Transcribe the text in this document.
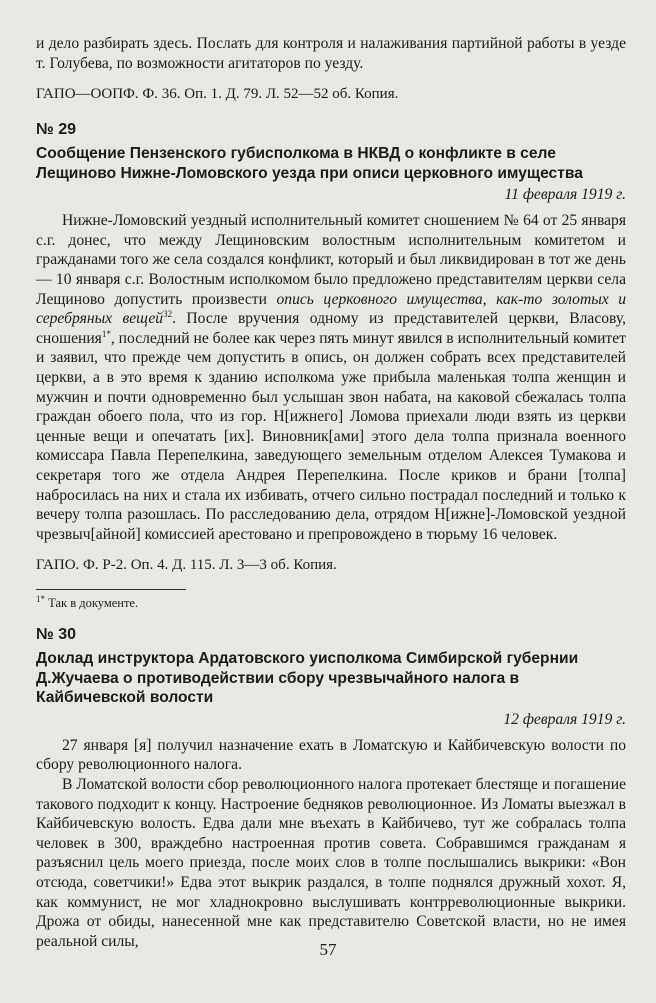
и дело разбирать здесь. Послать для контроля и налаживания партийной работы в уезде т. Голубева, по возможности агитаторов по уезду.

ГАПО—ООПФ. Ф. 36. Оп. 1. Д. 79. Л. 52—52 об. Копия.

№ 29

Сообщение Пензенского губисполкома в НКВД о конфликте в селе Лещиново Нижне-Ломовского уезда при описи церковного имущества

11 февраля 1919 г.

Нижне-Ломовский уездный исполнительный комитет сношением № 64 от 25 января с.г. донес, что между Лещиновским волостным исполнительным комитетом и гражданами того же села создался конфликт, который и был ликвидирован в тот же день — 10 января с.г. Волостным исполкомом было предложено представителям церкви села Лещиново допустить произвести опись церковного имущества, как-то золотых и серебряных вещей$^{32}$. После вручения одному из представителей церкви, Власову, сношения$^{1*}$, последний не более как через пять минут явился в исполнительный комитет и заявил, что прежде чем допустить в опись, он должен собрать всех представителей церкви, а в это время к зданию исполкома уже прибыла маленькая толпа женщин и мужчин и почти одновременно был услышан звон набата, на каковой сбежалась толпа граждан обоего пола, что из гор. Н[ижнего] Ломова приехали люди взять из церкви ценные вещи и опечатать [их]. Виновник[ами] этого дела толпа признала военного комиссара Павла Перепелкина, заведующего земельным отделом Алексея Тумакова и секретаря того же отдела Андрея Перепелкина. После криков и брани [толпа] набросилась на них и стала их избивать, отчего сильно пострадал последний и только к вечеру толпа разошлась. По расследованию дела, отрядом Н[ижне]-Ломовской уездной чрезвыч[айной] комиссией арестовано и препровождено в тюрьму 16 человек.

ГАПО. Ф. Р-2. Оп. 4. Д. 115. Л. 3—3 об. Копия.

$^{1*}$ Так в документе.

№ 30

Доклад инструктора Ардатовского уисполкома Симбирской губернии Д.Жучаева о противодействии сбору чрезвычайного налога в Кайбичевской волости

12 февраля 1919 г.

27 января [я] получил назначение ехать в Ломатскую и Кайбичевскую волости по сбору революционного налога.

В Ломатской волости сбор революционного налога протекает блестяще и погашение такового подходит к концу. Настроение бедняков революционное. Из Ломаты выезжал в Кайбичевскую волость. Едва дали мне въехать в Кайбичево, тут же собралась толпа человек в 300, враждебно настроенная против совета. Собравшимся гражданам я разъяснил цель моего приезда, после моих слов в толпе послышались выкрики: «Вон отсюда, советчики!» Едва этот выкрик раздался, в толпе поднялся дружный хохот. Я, как коммунист, не мог хладнокровно выслушивать контрреволюционные выкрики. Дрожа от обиды, нанесенной мне как представителю Советской власти, но не имея реальной силы,	57
